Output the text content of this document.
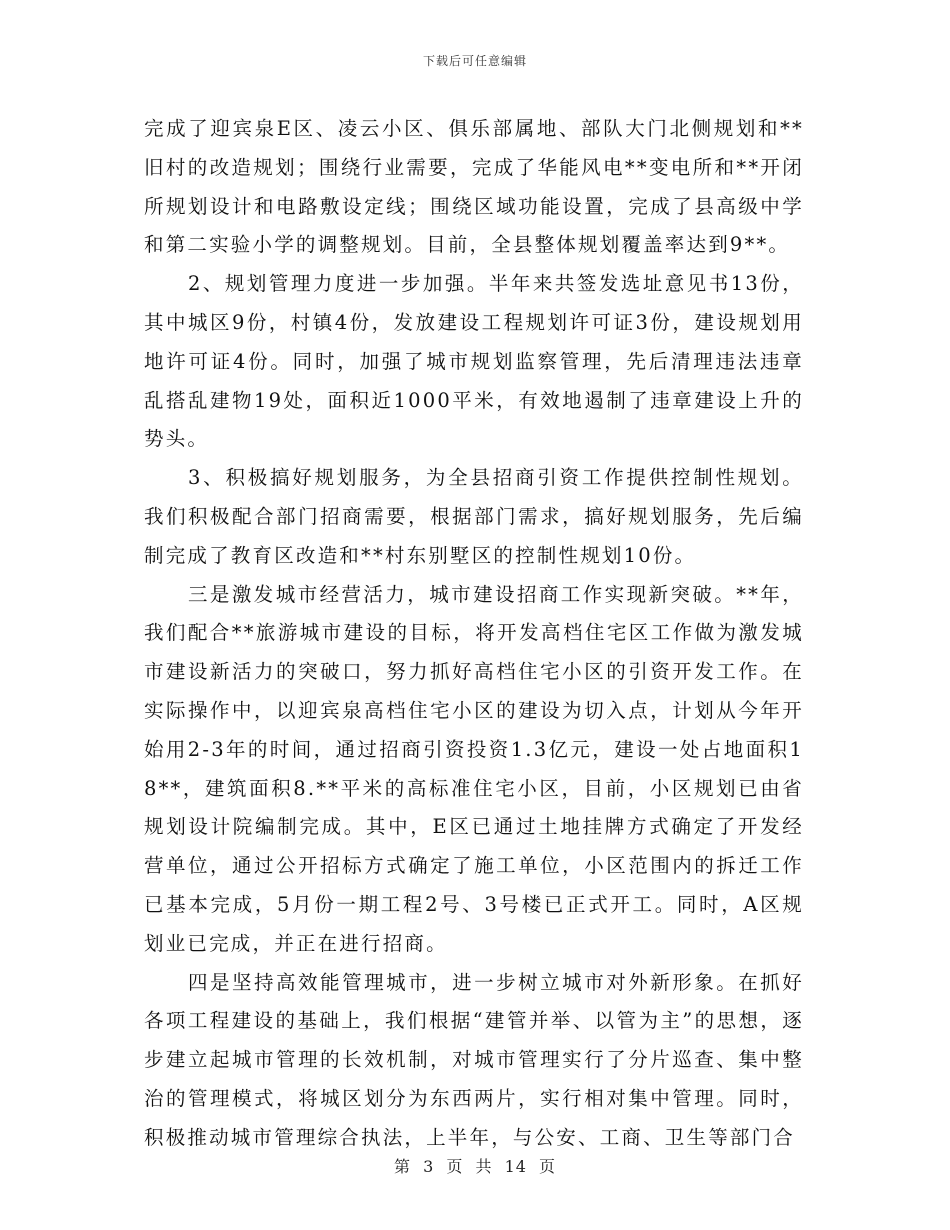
下载后可任意编辑

完成了迎宾泉E区、凌云小区、俱乐部属地、部队大门北侧规划和**旧村的改造规划；围绕行业需要，完成了华能风电**变电所和**开闭所规划设计和电路敷设定线；围绕区域功能设置，完成了县高级中学和第二实验小学的调整规划。目前，全县整体规划覆盖率达到9**。

2、规划管理力度进一步加强。半年来共签发选址意见书13份，其中城区9份，村镇4份，发放建设工程规划许可证3份，建设规划用地许可证4份。同时，加强了城市规划监察管理，先后清理违法违章乱搭乱建物19处，面积近1000平米，有效地遏制了违章建设上升的势头。

3、积极搞好规划服务，为全县招商引资工作提供控制性规划。我们积极配合部门招商需要，根据部门需求，搞好规划服务，先后编制完成了教育区改造和**村东别墅区的控制性规划10份。

三是激发城市经营活力，城市建设招商工作实现新突破。**年，我们配合**旅游城市建设的目标，将开发高档住宅区工作做为激发城市建设新活力的突破口，努力抓好高档住宅小区的引资开发工作。在实际操作中，以迎宾泉高档住宅小区的建设为切入点，计划从今年开始用2-3年的时间，通过招商引资投资1.3亿元，建设一处占地面积18**，建筑面积8.**平米的高标准住宅小区，目前，小区规划已由省规划设计院编制完成。其中，E区已通过土地挂牌方式确定了开发经营单位，通过公开招标方式确定了施工单位，小区范围内的拆迁工作已基本完成，5月份一期工程2号、3号楼已正式开工。同时，A区规划业已完成，并正在进行招商。

四是坚持高效能管理城市，进一步树立城市对外新形象。在抓好各项工程建设的基础上，我们根据“建管并举、以管为主”的思想，逐步建立起城市管理的长效机制，对城市管理实行了分片巡查、集中整治的管理模式，将城区划分为东西两片，实行相对集中管理。同时，积极推动城市管理综合执法，上半年，与公安、工商、卫生等部门合

第 3 页 共 14 页
